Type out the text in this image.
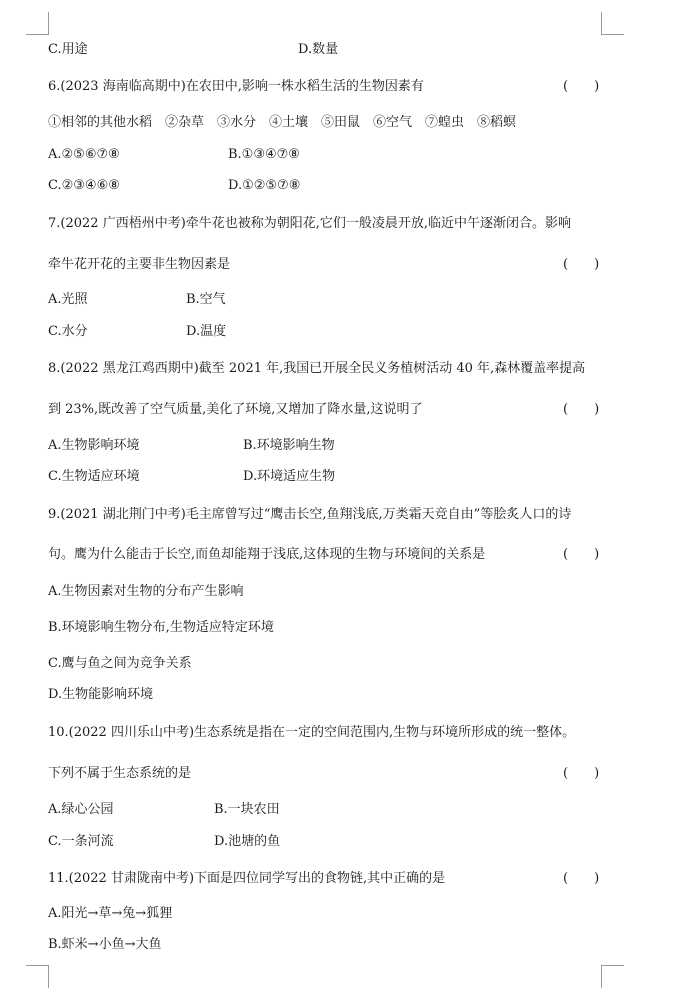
C.用途	D.数量
6.(2023 海南临高期中)在农田中,影响一株水稻生活的生物因素有	(　　)
①相邻的其他水稻　②杂草　③水分　④土壤　⑤田鼠　⑥空气　⑦蝗虫　⑧稻螟
A.②⑤⑥⑦⑧	B.①③④⑦⑧
C.②③④⑥⑧	D.①②⑤⑦⑧
7.(2022 广西梧州中考)牵牛花也被称为朝阳花,它们一般凌晨开放,临近中午逐渐闭合。影响
牵牛花开花的主要非生物因素是	(　　)
A.光照	B.空气
C.水分	D.温度
8.(2022 黑龙江鸡西期中)截至 2021 年,我国已开展全民义务植树活动 40 年,森林覆盖率提高
到 23%,既改善了空气质量,美化了环境,又增加了降水量,这说明了	(　　)
A.生物影响环境	B.环境影响生物
C.生物适应环境	D.环境适应生物
9.(2021 湖北荆门中考)毛主席曾写过“鹰击长空,鱼翔浅底,万类霜天竞自由”等脍炙人口的诗
句。鹰为什么能击于长空,而鱼却能翔于浅底,这体现的生物与环境间的关系是	(　　)
A.生物因素对生物的分布产生影响
B.环境影响生物分布,生物适应特定环境
C.鹰与鱼之间为竞争关系
D.生物能影响环境
10.(2022 四川乐山中考)生态系统是指在一定的空间范围内,生物与环境所形成的统一整体。
下列不属于生态系统的是	(　　)
A.绿心公园	B.一块农田
C.一条河流	D.池塘的鱼
11.(2022 甘肃陇南中考)下面是四位同学写出的食物链,其中正确的是	(　　)
A.阳光→草→兔→狐狸
B.虾米→小鱼→大鱼
